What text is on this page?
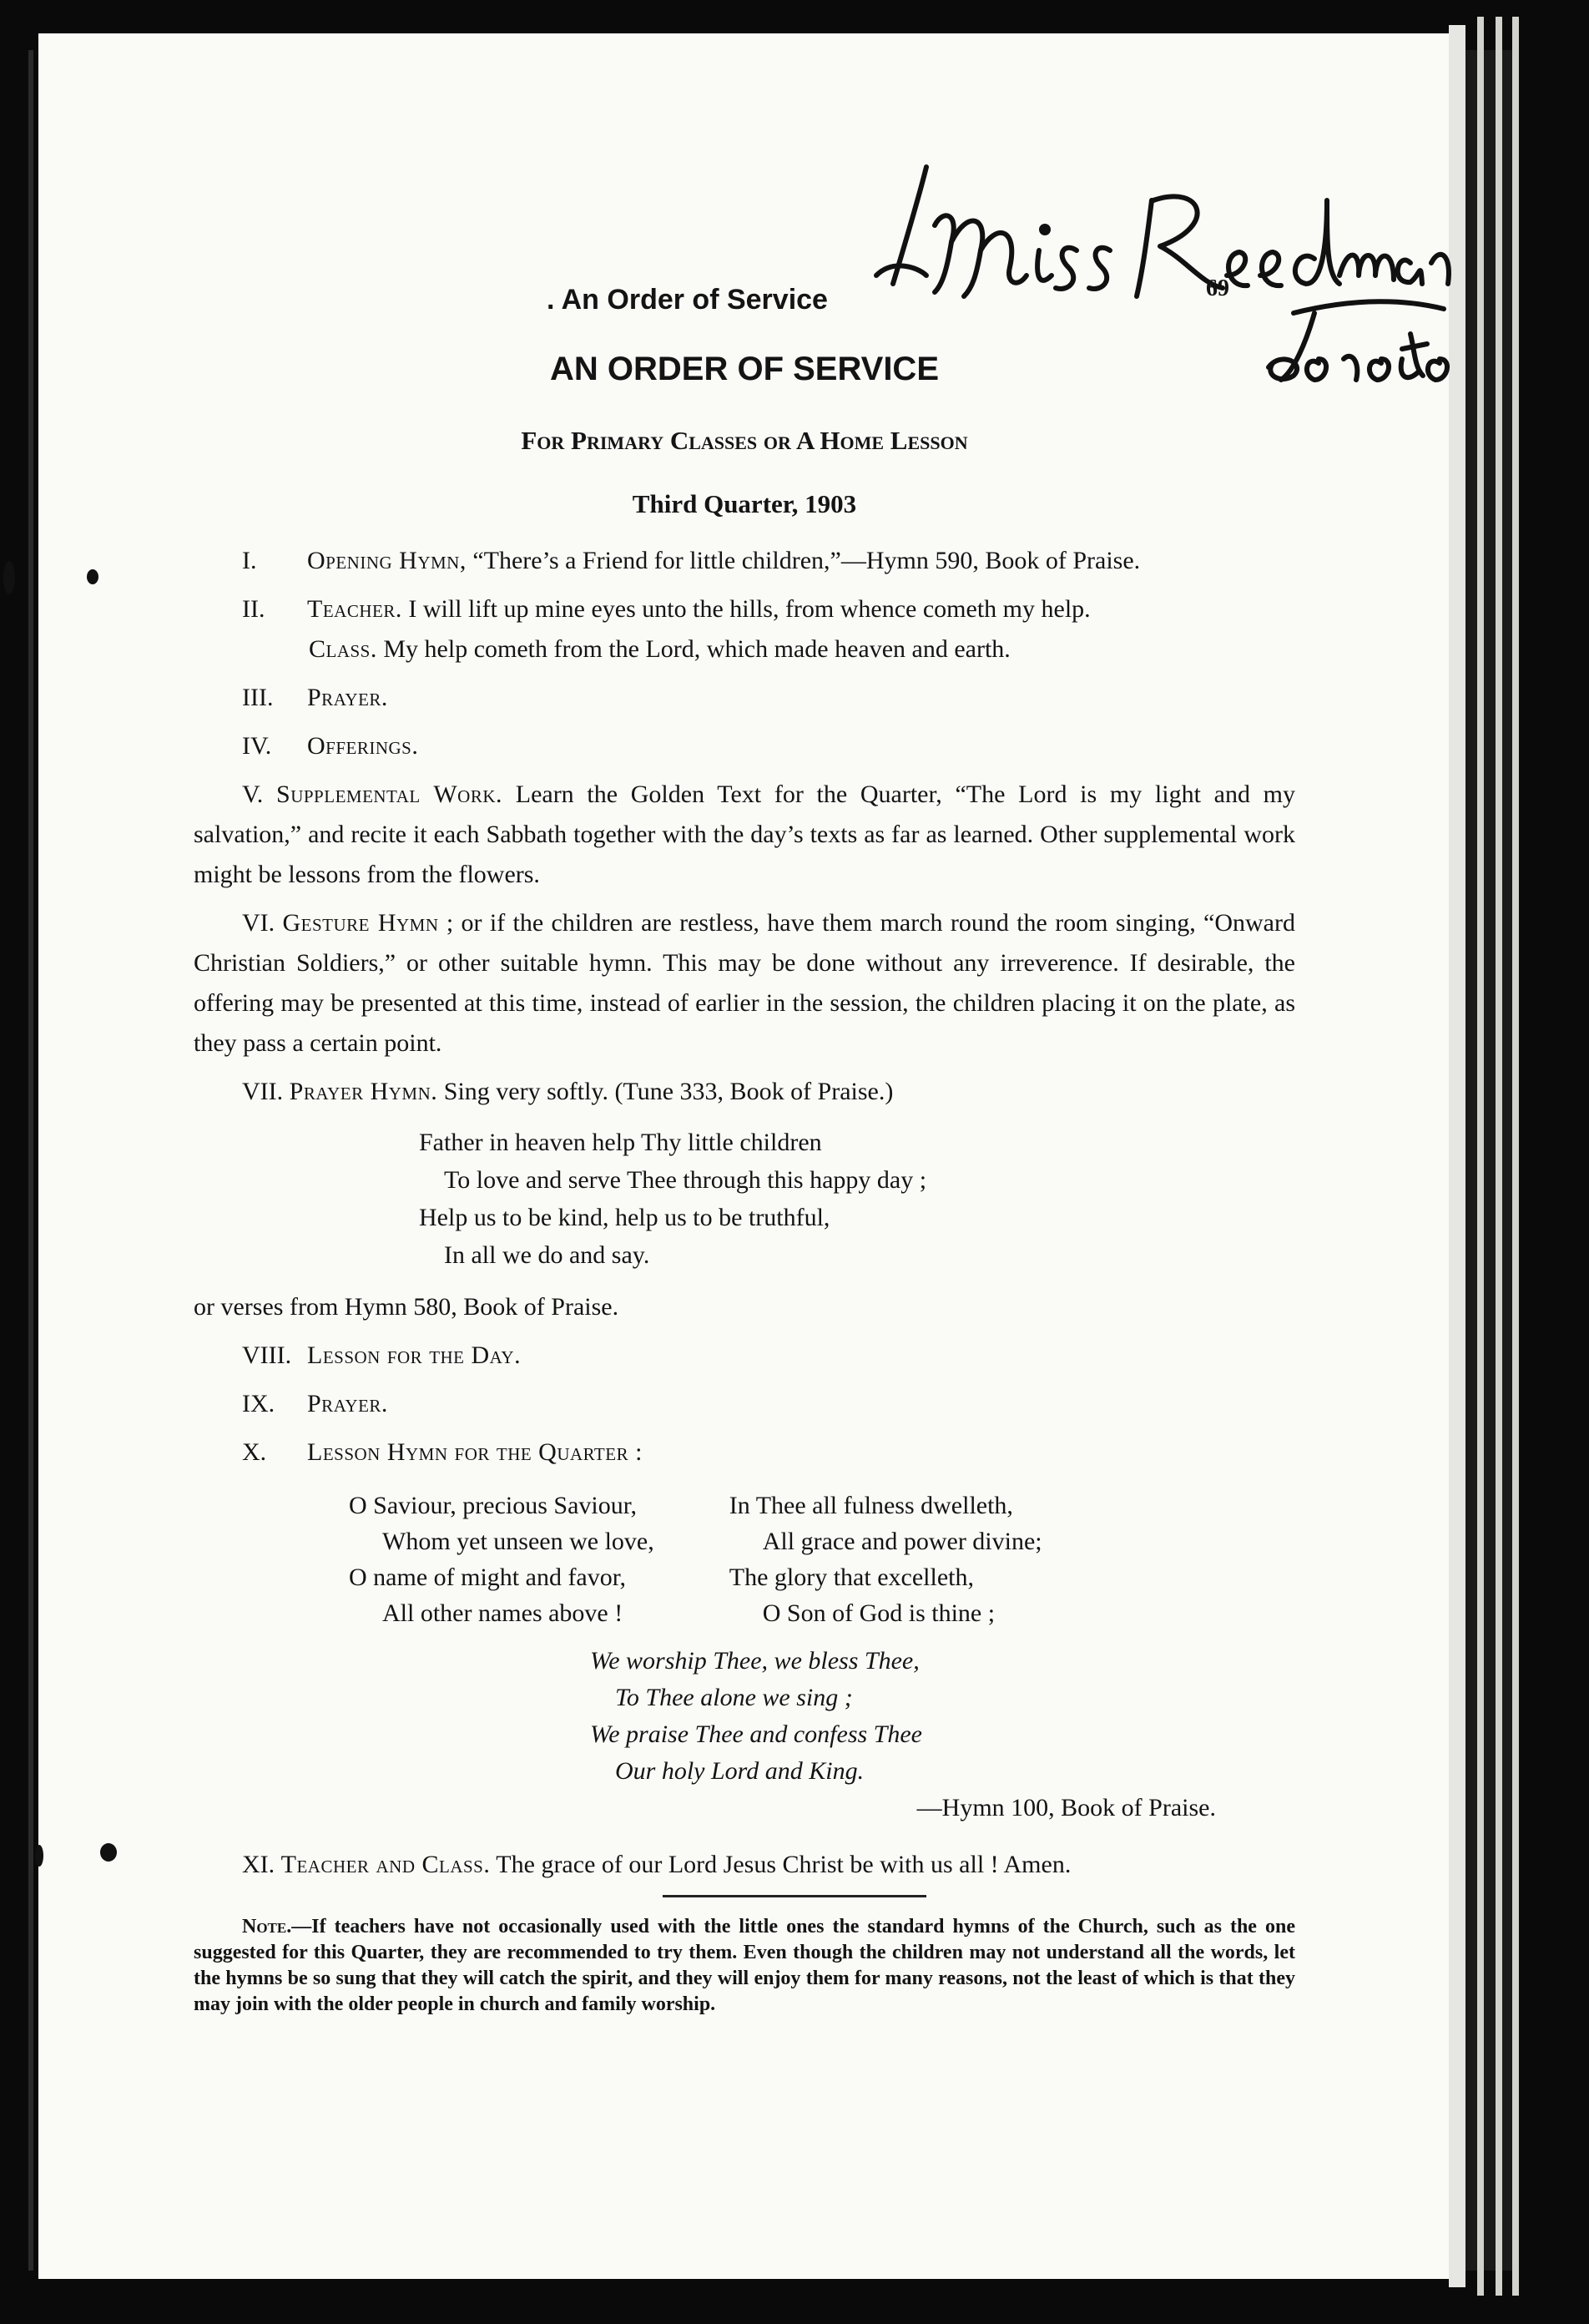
. An Order of Service	69
AN ORDER OF SERVICE
For Primary Classes or A Home Lesson
Third Quarter, 1903

I. Opening Hymn, “There’s a Friend for little children,”—Hymn 590, Book of Praise.

II. Teacher. I will lift up mine eyes unto the hills, from whence cometh my help.

Class. My help cometh from the Lord, which made heaven and earth.

III. Prayer.

IV. Offerings.

V. Supplemental Work. Learn the Golden Text for the Quarter, “The Lord is my light and my salvation,” and recite it each Sabbath together with the day’s texts as far as learned. Other supplemental work might be lessons from the flowers.

VI. Gesture Hymn ; or if the children are restless, have them march round the room singing, “Onward Christian Soldiers,” or other suitable hymn. This may be done without any irreverence. If desirable, the offering may be presented at this time, instead of earlier in the session, the children placing it on the plate, as they pass a certain point.

VII. Prayer Hymn. Sing very softly. (Tune 333, Book of Praise.)

Father in heaven help Thy little children
To love and serve Thee through this happy day ;
Help us to be kind, help us to be truthful,
In all we do and say.

or verses from Hymn 580, Book of Praise.

VIII. Lesson for the Day.

IX. Prayer.

X. Lesson Hymn for the Quarter :

O Saviour, precious Saviour,
Whom yet unseen we love,
O name of might and favor,
All other names above !
In Thee all fulness dwelleth,
All grace and power divine;
The glory that excelleth,
O Son of God is thine ;
We worship Thee, we bless Thee,
To Thee alone we sing ;
We praise Thee and confess Thee
Our holy Lord and King.
—Hymn 100, Book of Praise.

XI. Teacher and Class. The grace of our Lord Jesus Christ be with us all ! Amen.

Note.—If teachers have not occasionally used with the little ones the standard hymns of the Church, such as the one suggested for this Quarter, they are recommended to try them. Even though the children may not understand all the words, let the hymns be so sung that they will catch the spirit, and they will enjoy them for many reasons, not the least of which is that they may join with the older people in church and family worship.
